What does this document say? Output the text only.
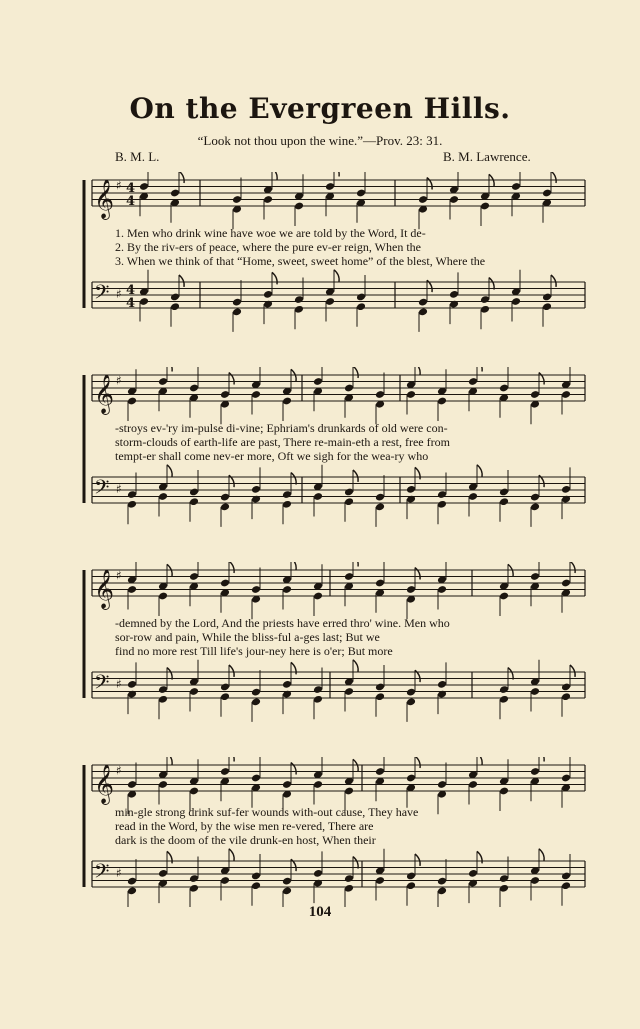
On the Evergreen Hills.
“Look not thou upon the wine.”—Prov. 23: 31.
B. M. L.	B. M. Lawrence.
𝄞 ♯ 4
4
𝄢 ♯ 4
4
1. Men who drink wine have woe we are told by the Word, It de-
2. By the riv-ers of peace, where the pure ev-er reign, When the
3. When we think of that “Home, sweet, sweet home” of the blest, Where the
𝄞 ♯
𝄢 ♯
-stroys ev-'ry im-pulse di-vine; Ephriam's drunkards of old were con-
storm-clouds of earth-life are past, There re-main-eth a rest, free from
tempt-er shall come nev-er more, Oft we sigh for the wea-ry who
𝄞 ♯
𝄢 ♯
-demned by the Lord, And the priests have erred thro' wine. Men who
sor-row and pain, While the bliss-ful a-ges last; But we
find no more rest Till life's jour-ney here is o'er; But more
𝄞 ♯
𝄢 ♯
min-gle strong drink suf-fer wounds with-out cause, They have
read in the Word, by the wise men re-vered, There are
dark is the doom of the vile drunk-en host, When their
104
